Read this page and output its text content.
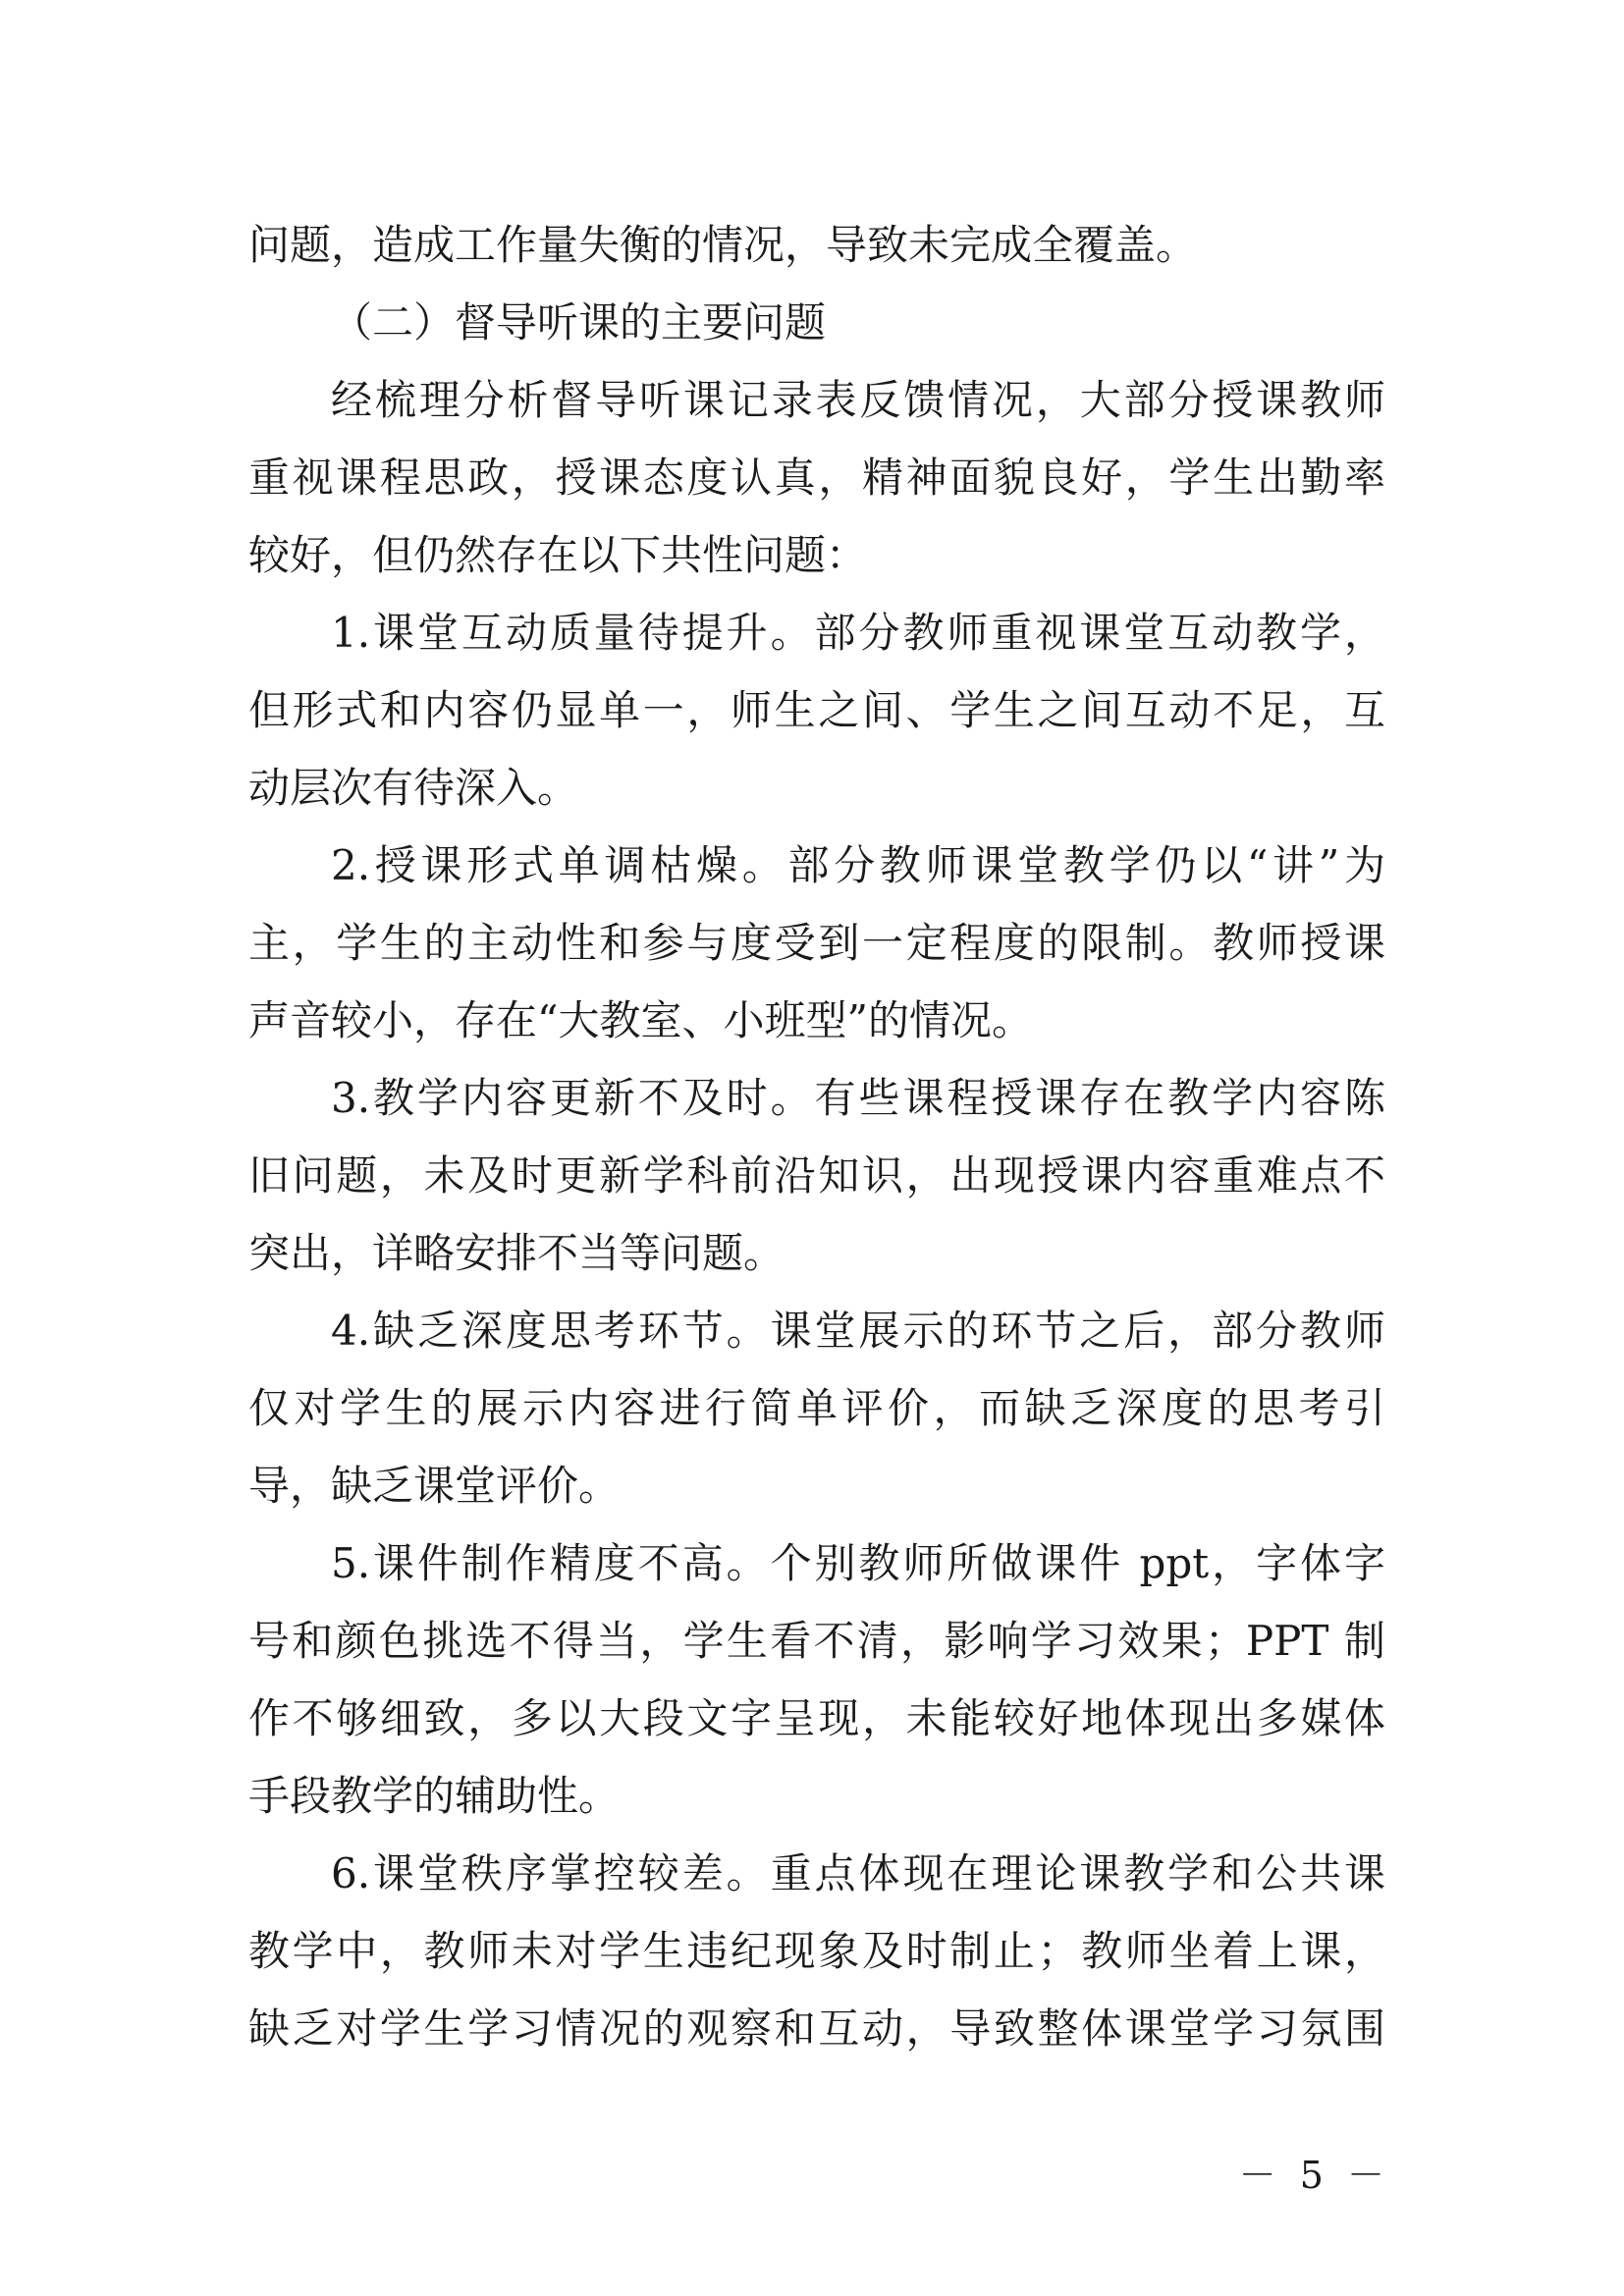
问题，造成工作量失衡的情况，导致未完成全覆盖。
（二）督导听课的主要问题
经梳理分析督导听课记录表反馈情况，大部分授课教师
重视课程思政，授课态度认真，精神面貌良好，学生出勤率
较好，但仍然存在以下共性问题：
1.课堂互动质量待提升。部分教师重视课堂互动教学，
但形式和内容仍显单一，师生之间、学生之间互动不足，互
动层次有待深入。
2.授课形式单调枯燥。部分教师课堂教学仍以“讲”为
主，学生的主动性和参与度受到一定程度的限制。教师授课
声音较小，存在“大教室、小班型”的情况。
3.教学内容更新不及时。有些课程授课存在教学内容陈
旧问题，未及时更新学科前沿知识，出现授课内容重难点不
突出，详略安排不当等问题。
4.缺乏深度思考环节。课堂展示的环节之后，部分教师
仅对学生的展示内容进行简单评价，而缺乏深度的思考引
导，缺乏课堂评价。
5.课件制作精度不高。个别教师所做课件 ppt，字体字
号和颜色挑选不得当，学生看不清，影响学习效果；PPT 制
作不够细致，多以大段文字呈现，未能较好地体现出多媒体
手段教学的辅助性。
6.课堂秩序掌控较差。重点体现在理论课教学和公共课
教学中，教师未对学生违纪现象及时制止；教师坐着上课，
缺乏对学生学习情况的观察和互动，导致整体课堂学习氛围
－ 5 －
